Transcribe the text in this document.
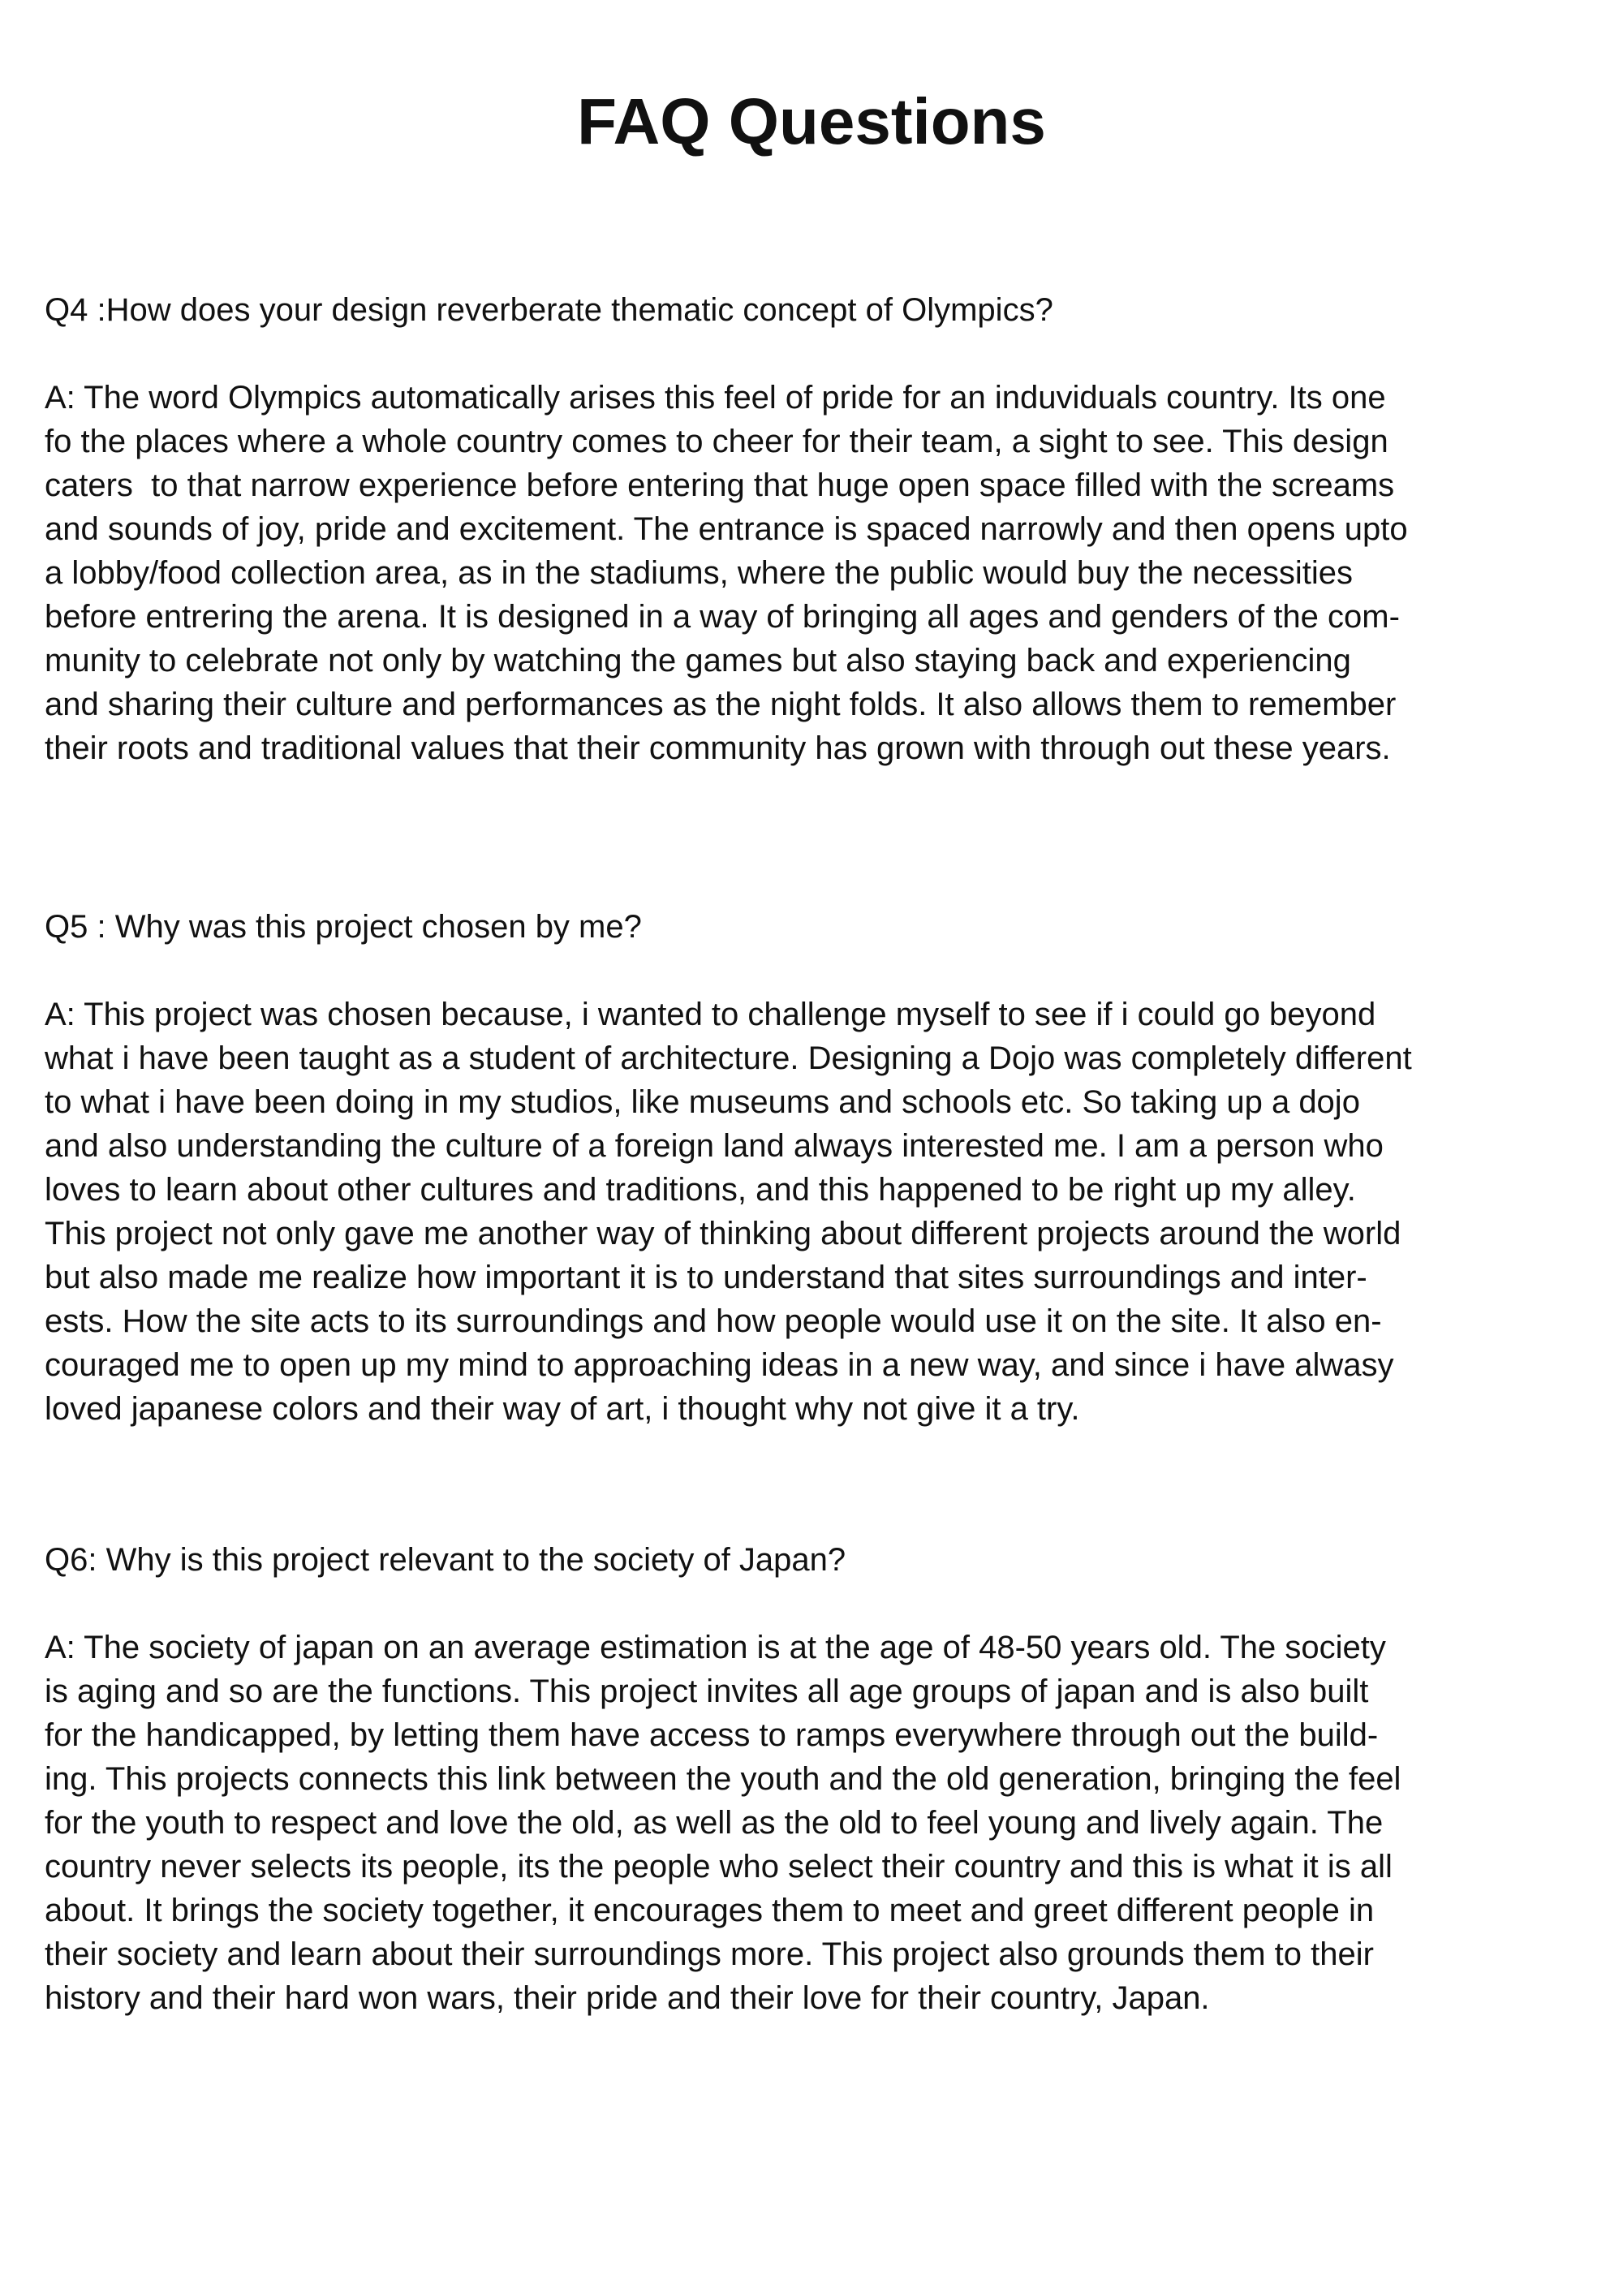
FAQ Questions

Q4 :How does your design reverberate thematic concept of Olympics?

A: The word Olympics automatically arises this feel of pride for an induviduals country. Its one
fo the places where a whole country comes to cheer for their team, a sight to see. This design
caters  to that narrow experience before entering that huge open space filled with the screams
and sounds of joy, pride and excitement. The entrance is spaced narrowly and then opens upto
a lobby/food collection area, as in the stadiums, where the public would buy the necessities
before entrering the arena. It is designed in a way of bringing all ages and genders of the com-
munity to celebrate not only by watching the games but also staying back and experiencing
and sharing their culture and performances as the night folds. It also allows them to remember
their roots and traditional values that their community has grown with through out these years.

Q5 : Why was this project chosen by me?

A: This project was chosen because, i wanted to challenge myself to see if i could go beyond
what i have been taught as a student of architecture. Designing a Dojo was completely different
to what i have been doing in my studios, like museums and schools etc. So taking up a dojo
and also understanding the culture of a foreign land always interested me. I am a person who
loves to learn about other cultures and traditions, and this happened to be right up my alley.
This project not only gave me another way of thinking about different projects around the world
but also made me realize how important it is to understand that sites surroundings and inter-
ests. How the site acts to its surroundings and how people would use it on the site. It also en-
couraged me to open up my mind to approaching ideas in a new way, and since i have alwasy
loved japanese colors and their way of art, i thought why not give it a try.

Q6: Why is this project relevant to the society of Japan?

A: The society of japan on an average estimation is at the age of 48-50 years old. The society
is aging and so are the functions. This project invites all age groups of japan and is also built
for the handicapped, by letting them have access to ramps everywhere through out the build-
ing. This projects connects this link between the youth and the old generation, bringing the feel
for the youth to respect and love the old, as well as the old to feel young and lively again. The
country never selects its people, its the people who select their country and this is what it is all
about. It brings the society together, it encourages them to meet and greet different people in
their society and learn about their surroundings more. This project also grounds them to their
history and their hard won wars, their pride and their love for their country, Japan.
